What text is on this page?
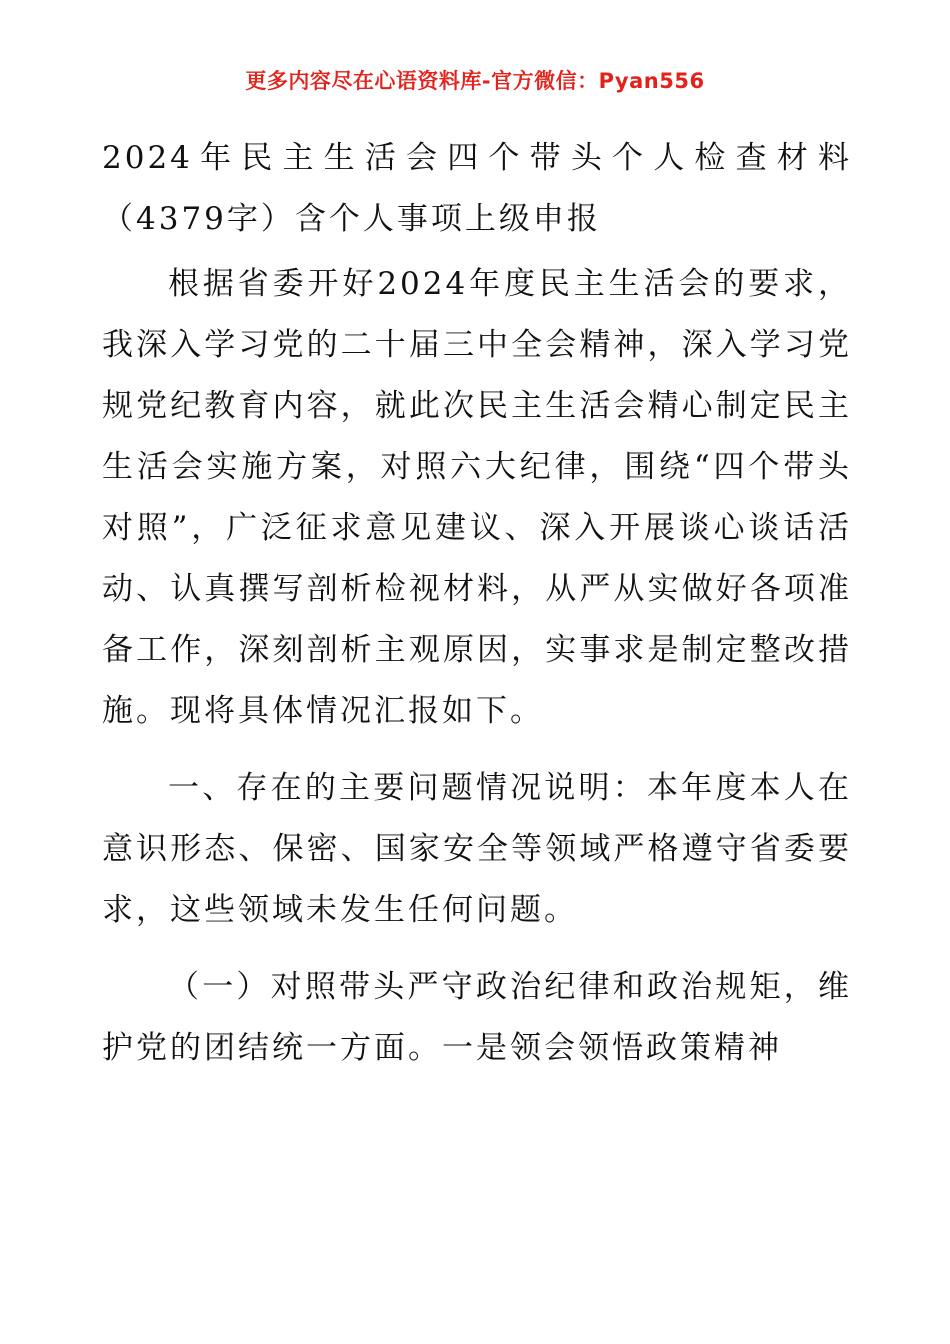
更多内容尽在心语资料库-官方微信：Pyan556

2024年民主生活会四个带头个人检查材料（4379字）含个人事项上级申报

根据省委开好2024年度民主生活会的要求，我深入学习党的二十届三中全会精神，深入学习党规党纪教育内容，就此次民主生活会精心制定民主生活会实施方案，对照六大纪律，围绕“四个带头对照”，广泛征求意见建议、深入开展谈心谈话活动、认真撰写剖析检视材料，从严从实做好各项准备工作，深刻剖析主观原因，实事求是制定整改措施。现将具体情况汇报如下。

一、存在的主要问题情况说明：本年度本人在意识形态、保密、国家安全等领域严格遵守省委要求，这些领域未发生任何问题。

（一）对照带头严守政治纪律和政治规矩，维护党的团结统一方面。一是领会领悟政策精神
